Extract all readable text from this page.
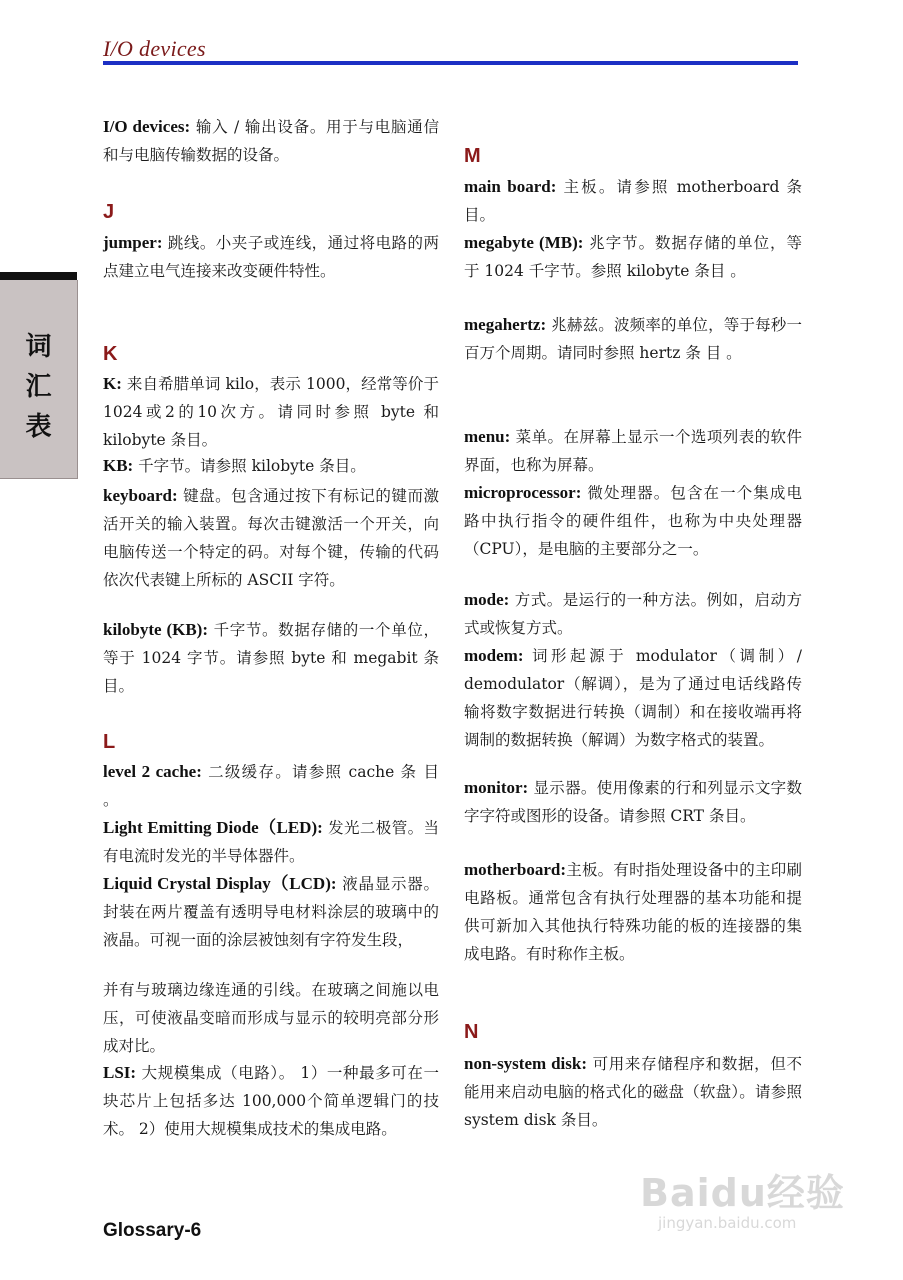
I/O devices
词
汇
表
I/O devices: 输入 / 输出设备。用于与电脑通信和与电脑传输数据的设备。
J
jumper: 跳线。小夹子或连线，通过将电路的两点建立电气连接来改变硬件特性。
K
K: 来自希腊单词 kilo，表示 1000，经常等价于1024或2的10次方。请同时参照 byte 和 kilobyte 条目。
KB: 千字节。请参照 kilobyte 条目。
keyboard: 键盘。包含通过按下有标记的键而激活开关的输入装置。每次击键激活一个开关，向电脑传送一个特定的码。对每个键，传输的代码依次代表键上所标的 ASCII 字符。
kilobyte (KB): 千字节。数据存储的一个单位，等于 1024 字节。请参照 byte 和 megabit 条目。
L
level 2 cache: 二级缓存。请参照 cache 条 目 。
Light Emitting Diode（LED): 发光二极管。当有电流时发光的半导体器件。
Liquid Crystal Display（LCD): 液晶显示器。封装在两片覆盖有透明导电材料涂层的玻璃中的液晶。可视一面的涂层被蚀刻有字符发生段，
并有与玻璃边缘连通的引线。在玻璃之间施以电压，可使液晶变暗而形成与显示的较明亮部分形成对比。
LSI: 大规模集成（电路）。 1）一种最多可在一块芯片上包括多达 100,000个简单逻辑门的技术。 2）使用大规模集成技术的集成电路。
M
main board: 主板。请参照 motherboard 条目。
megabyte (MB): 兆字节。数据存储的单位，等于 1024 千字节。参照 kilobyte 条目 。
megahertz: 兆赫兹。波频率的单位，等于每秒一百万个周期。请同时参照 hertz 条 目 。
menu: 菜单。在屏幕上显示一个选项列表的软件界面，也称为屏幕。
microprocessor: 微处理器。包含在一个集成电路中执行指令的硬件组件，也称为中央处理器（CPU），是电脑的主要部分之一。
mode: 方式。是运行的一种方法。例如，启动方式或恢复方式。
modem: 词形起源于 modulator（调制）/ demodulator（解调），是为了通过电话线路传输将数字数据进行转换（调制）和在接收端再将调制的数据转换（解调）为数字格式的装置。
monitor: 显示器。使用像素的行和列显示文字数字字符或图形的设备。请参照 CRT 条目。
motherboard:主板。有时指处理设备中的主印刷电路板。通常包含有执行处理器的基本功能和提供可新加入其他执行特殊功能的板的连接器的集成电路。有时称作主板。
N
non-system disk: 可用来存储程序和数据，但不能用来启动电脑的格式化的磁盘（软盘）。请参照 system disk 条目。
Baidu经验
jingyan.baidu.com
Glossary-6
